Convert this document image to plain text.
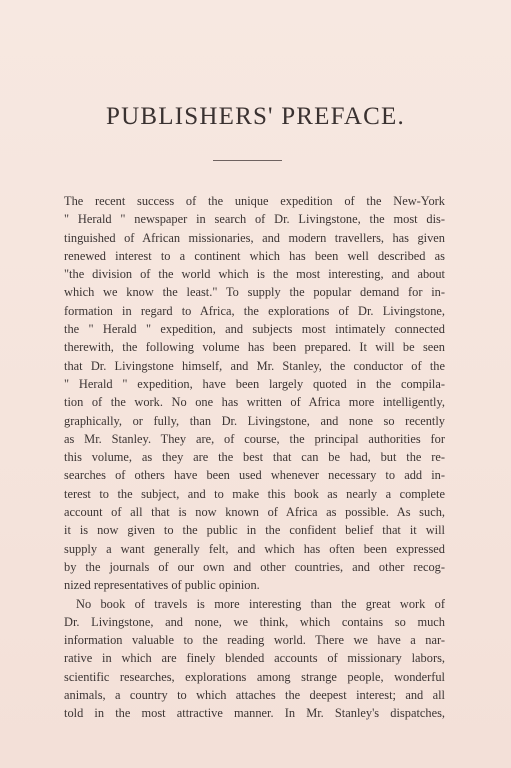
PUBLISHERS' PREFACE.
The recent success of the unique expedition of the New-York
" Herald " newspaper in search of Dr. Livingstone, the most dis-
tinguished of African missionaries, and modern travellers, has given
renewed interest to a continent which has been well described as
"the division of the world which is the most interesting, and about
which we know the least." To supply the popular demand for in-
formation in regard to Africa, the explorations of Dr. Livingstone,
the " Herald " expedition, and subjects most intimately connected
therewith, the following volume has been prepared. It will be seen
that Dr. Livingstone himself, and Mr. Stanley, the conductor of the
" Herald " expedition, have been largely quoted in the compila-
tion of the work. No one has written of Africa more intelligently,
graphically, or fully, than Dr. Livingstone, and none so recently
as Mr. Stanley. They are, of course, the principal authorities for
this volume, as they are the best that can be had, but the re-
searches of others have been used whenever necessary to add in-
terest to the subject, and to make this book as nearly a complete
account of all that is now known of Africa as possible. As such,
it is now given to the public in the confident belief that it will
supply a want generally felt, and which has often been expressed
by the journals of our own and other countries, and other recog-
nized representatives of public opinion.
No book of travels is more interesting than the great work of
Dr. Livingstone, and none, we think, which contains so much
information valuable to the reading world. There we have a nar-
rative in which are finely blended accounts of missionary labors,
scientific researches, explorations among strange people, wonderful
animals, a country to which attaches the deepest interest; and all
told in the most attractive manner. In Mr. Stanley's dispatches,
